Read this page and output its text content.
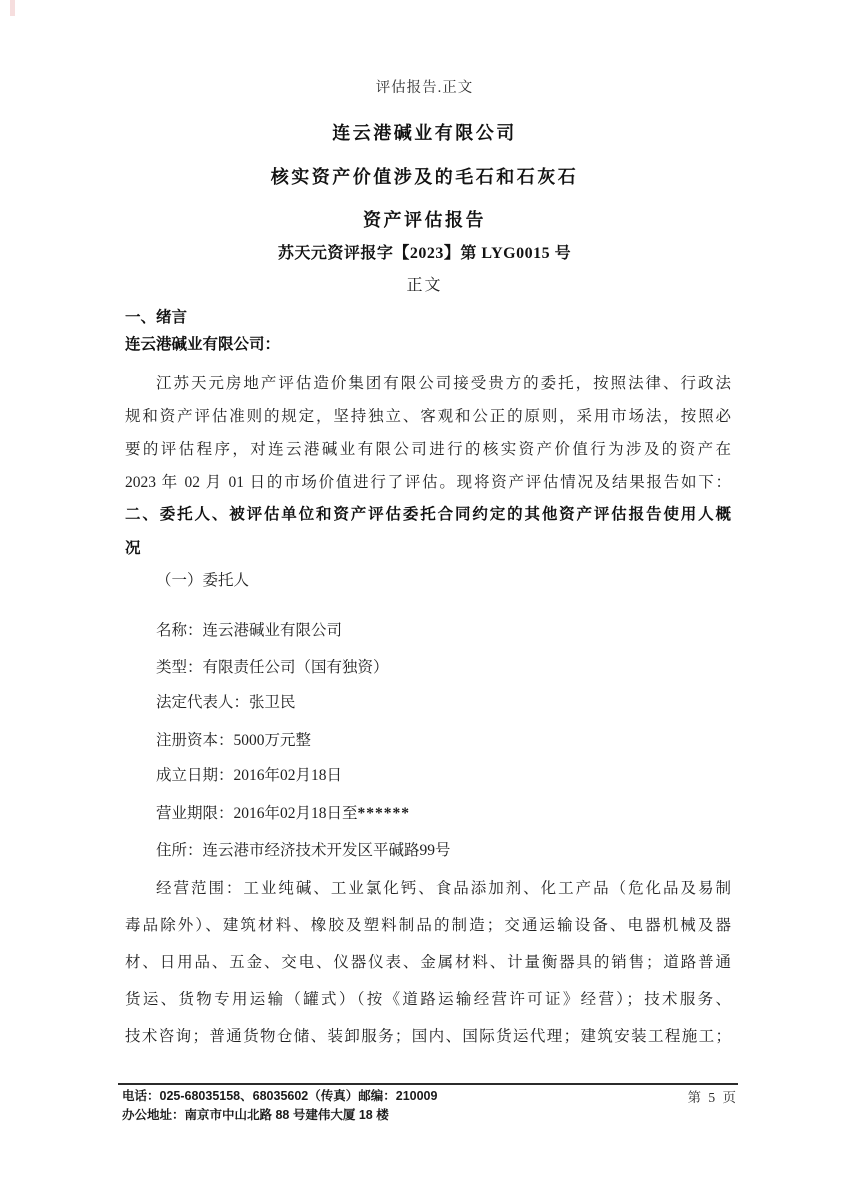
评估报告.正文
连云港碱业有限公司
核实资产价值涉及的毛石和石灰石
资产评估报告
苏天元资评报字【2023】第 LYG0015 号
正文
一、绪言
连云港碱业有限公司：
江苏天元房地产评估造价集团有限公司接受贵方的委托，按照法律、行政法
规和资产评估准则的规定，坚持独立、客观和公正的原则，采用市场法，按照必
要的评估程序，对连云港碱业有限公司进行的核实资产价值行为涉及的资产在
2023 年 02 月 01 日的市场价值进行了评估。现将资产评估情况及结果报告如下：
二、委托人、被评估单位和资产评估委托合同约定的其他资产评估报告使用人概
况
（一）委托人
名称：连云港碱业有限公司
类型：有限责任公司（国有独资）
法定代表人：张卫民
注册资本：5000万元整
成立日期：2016年02月18日
营业期限：2016年02月18日至******
住所：连云港市经济技术开发区平碱路99号
经营范围：工业纯碱、工业氯化钙、食品添加剂、化工产品（危化品及易制
毒品除外）、建筑材料、橡胶及塑料制品的制造；交通运输设备、电器机械及器
材、日用品、五金、交电、仪器仪表、金属材料、计量衡器具的销售；道路普通
货运、货物专用运输（罐式）（按《道路运输经营许可证》经营）；技术服务、
技术咨询；普通货物仓储、装卸服务；国内、国际货运代理；建筑安装工程施工；
电话：025-68035158、68035602（传真）邮编：210009
办公地址：南京市中山北路 88 号建伟大厦 18 楼
第 5 页
